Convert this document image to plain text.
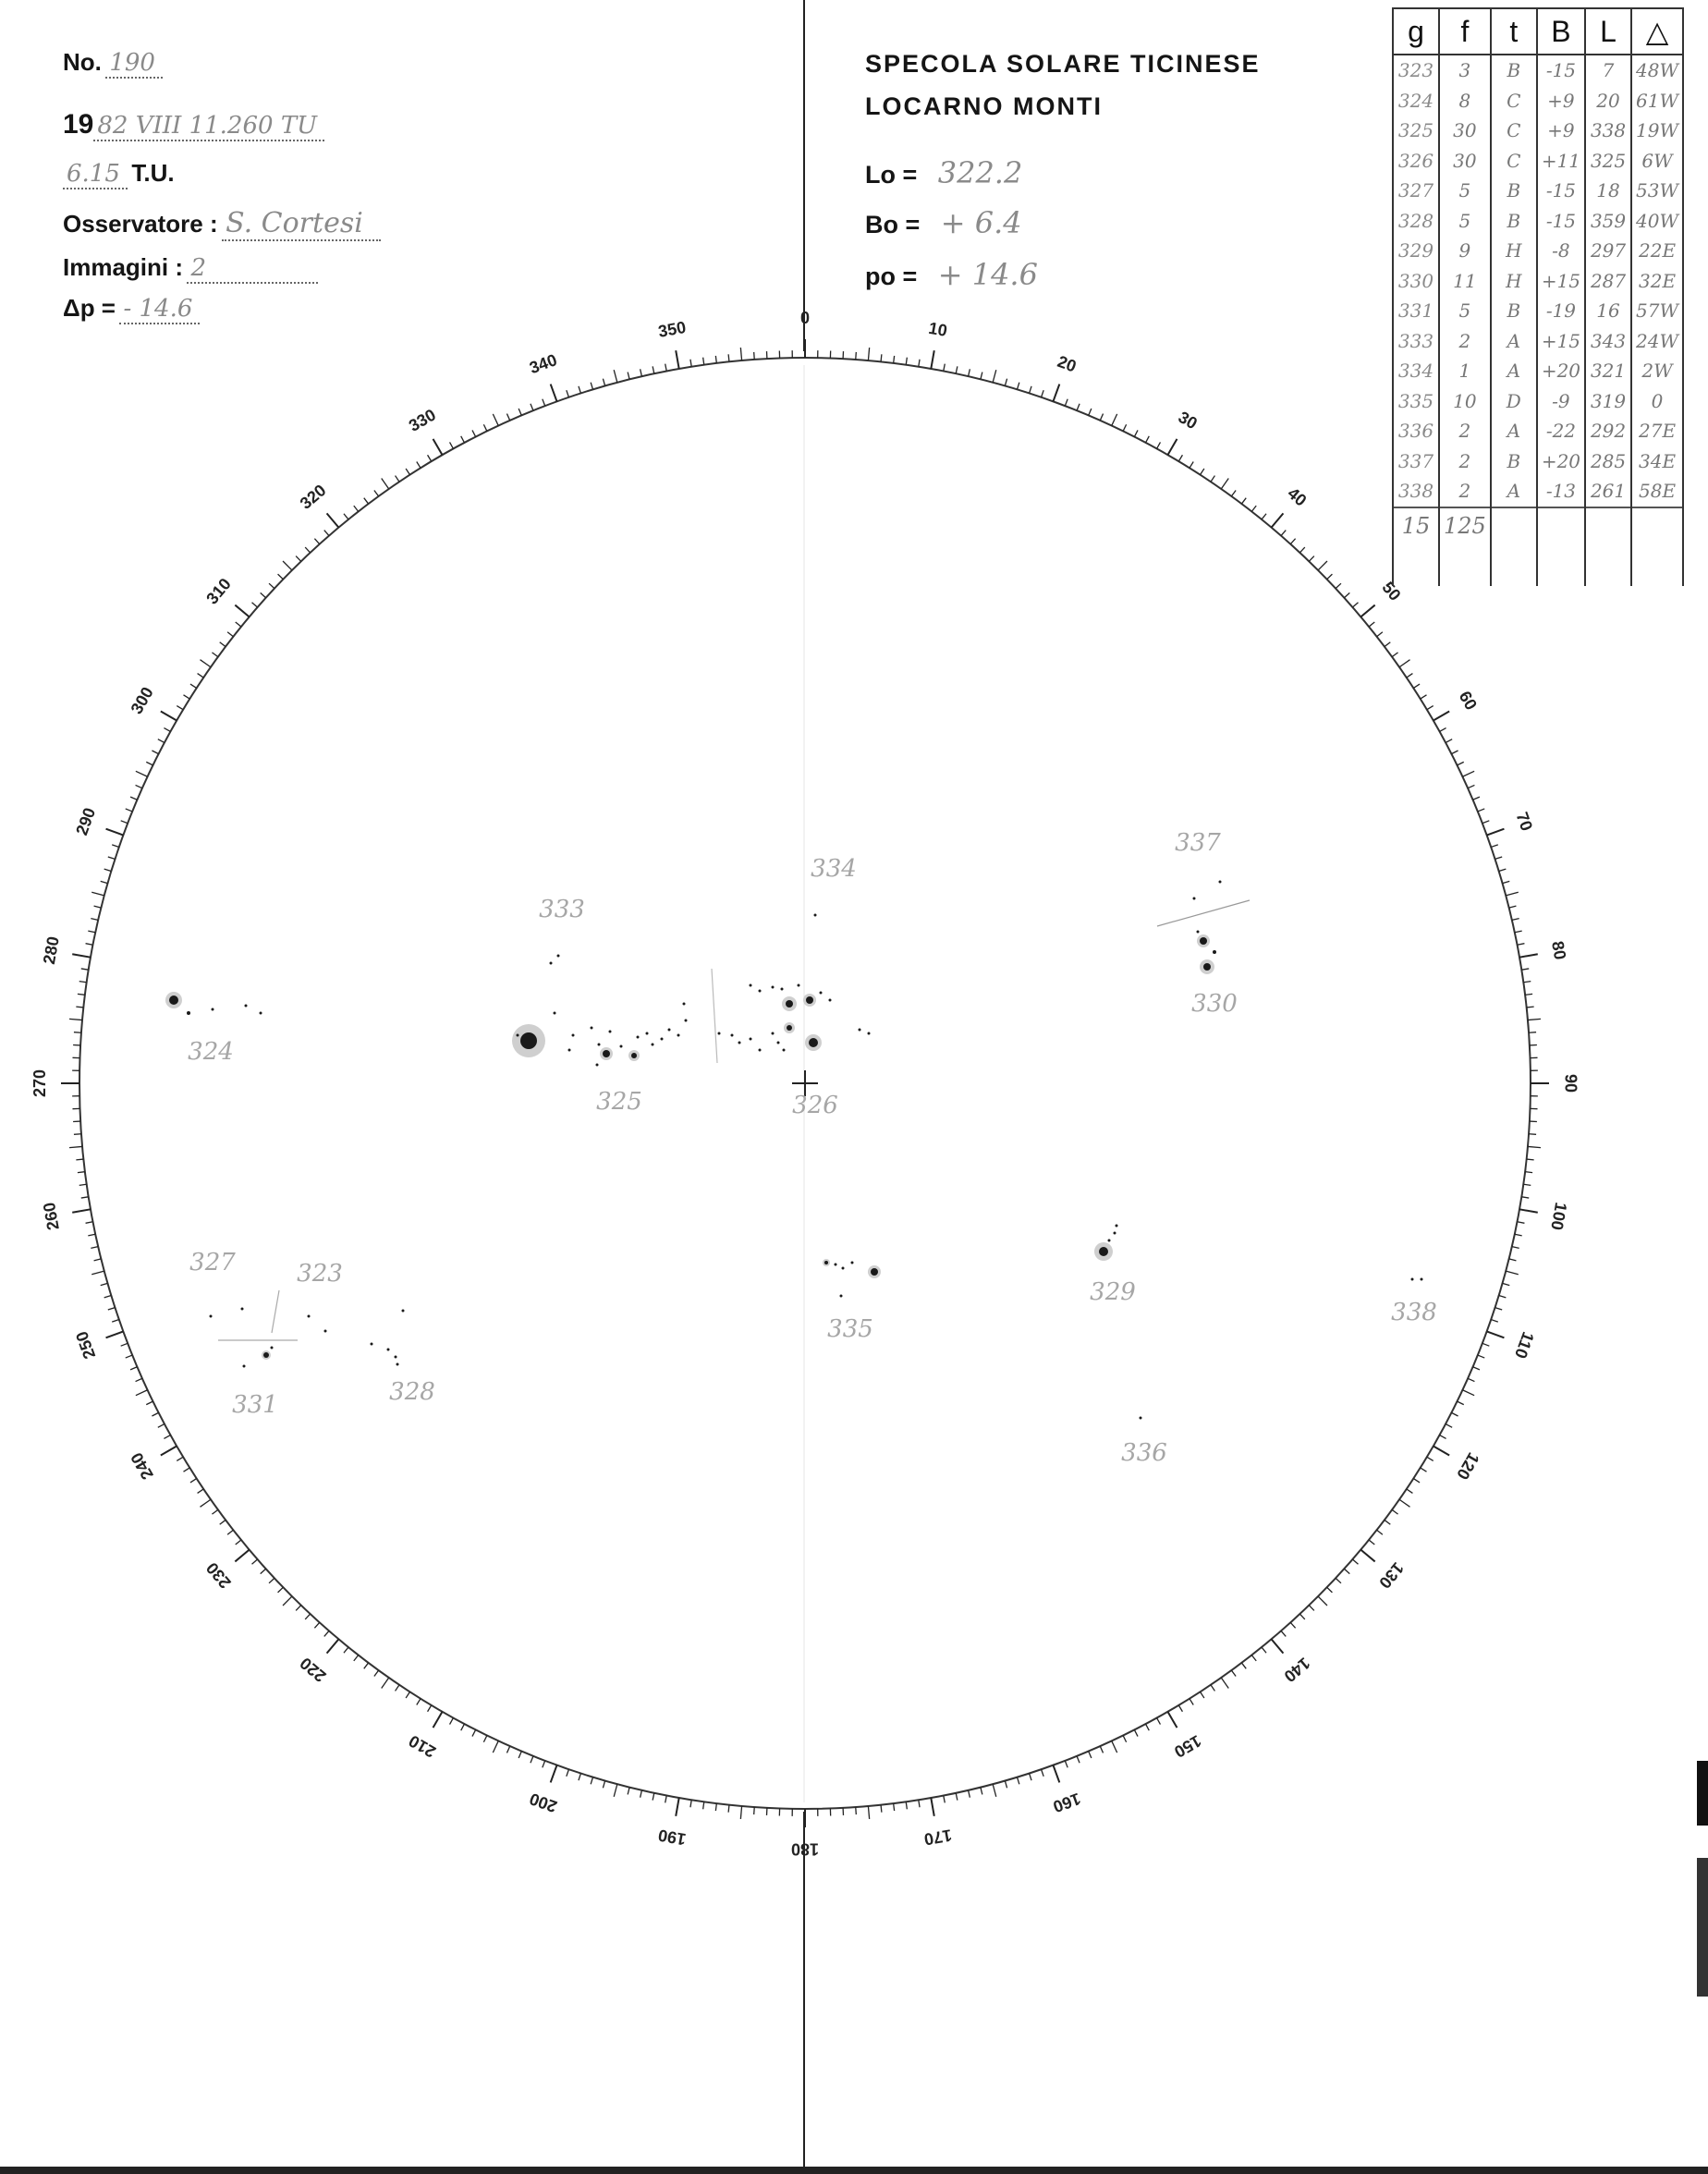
0
10
20
30
40
50
60
70
80
90
100
110
120
130
140
150
160
170
180
190
200
210
220
230
240
250
260
270
280
290
300
310
320
330
340
350
323
324
325	326
327
328
329
330
331
333
334
335
336
337
338
No. 190
19 82 VIII 11.260 TU
6.15 T.U.
Osservatore : S. Cortesi
Immagini : 2
Δp = - 14.6
SPECOLA SOLARE TICINESE
LOCARNO MONTI
Lo = 322.2
Bo = + 6.4
po = + 14.6
g	f	t	B	L	△
323	3	B	-15	7	48W
324	8	C	+9	20	61W
325	30	C	+9	338	19W
326	30	C	+11	325	6W
327	5	B	-15	18	53W
328	5	B	-15	359	40W
329	9	H	-8	297	22E
330	11	H	+15	287	32E
331	5	B	-19	16	57W
333	2	A	+15	343	24W
334	1	A	+20	321	2W
335	10	D	-9	319	0
336	2	A	-22	292	27E
337	2	B	+20	285	34E
338	2	A	-13	261	58E
15	125				
